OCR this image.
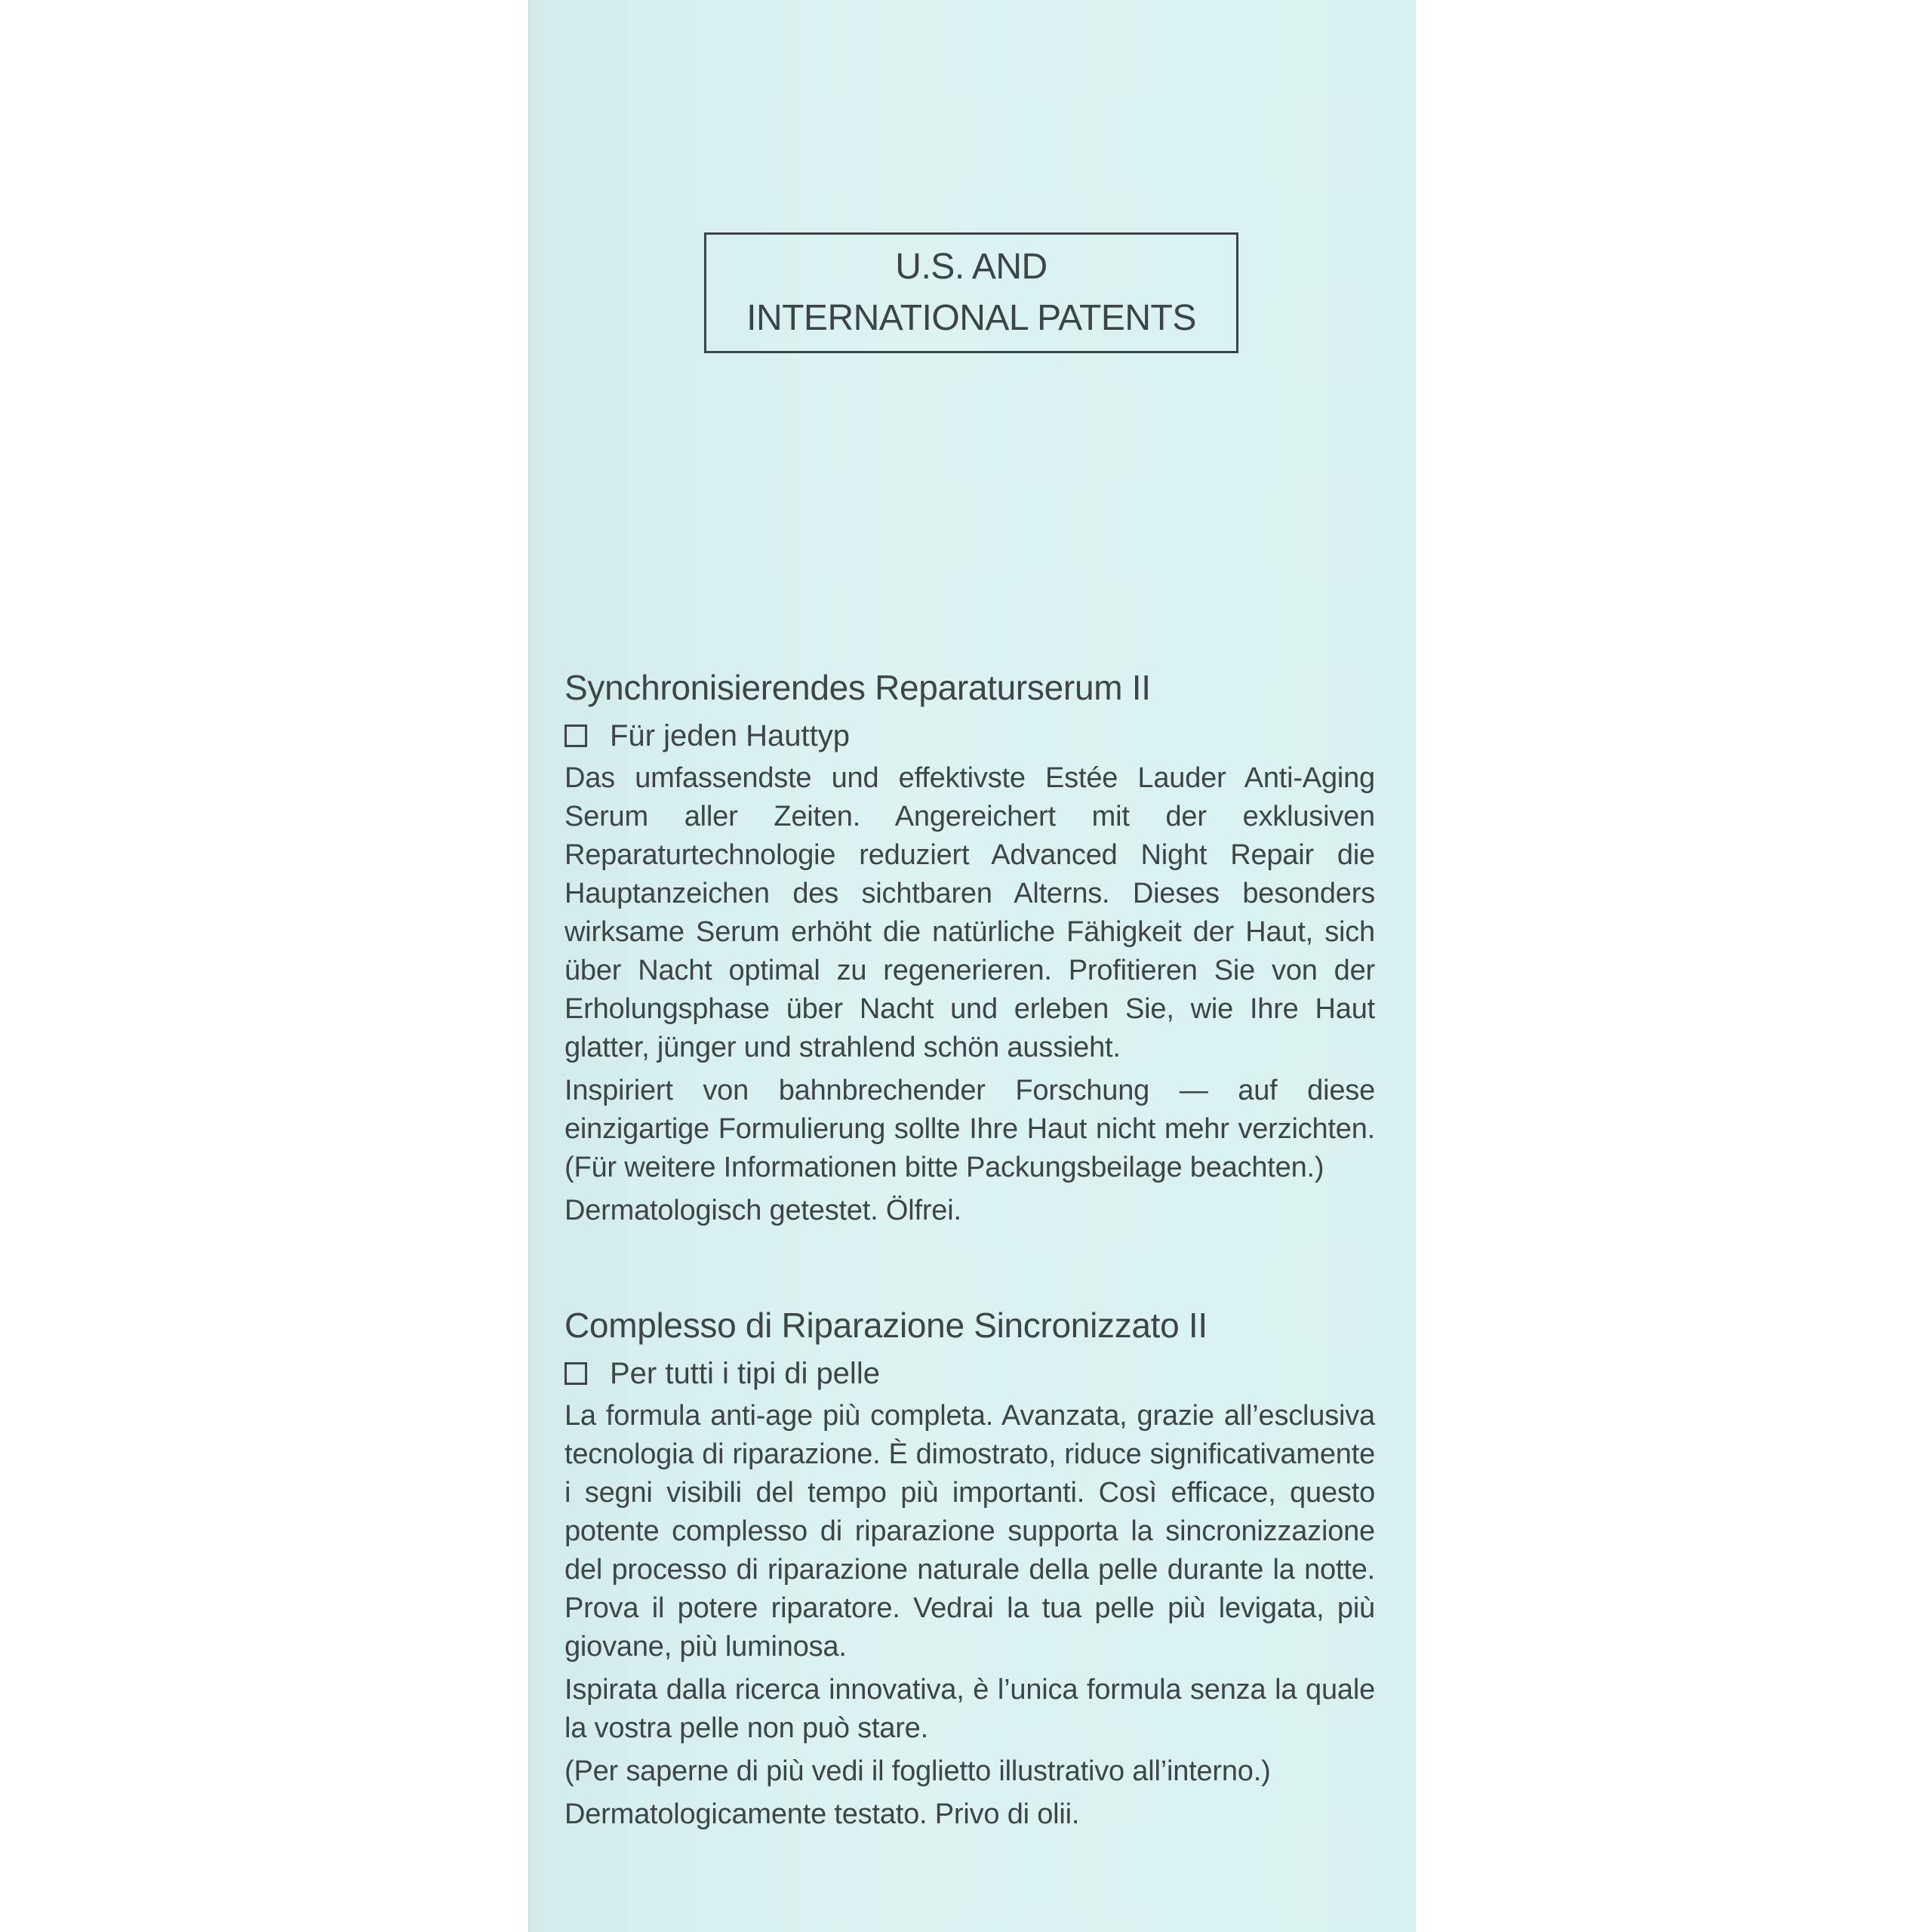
U.S. AND
INTERNATIONAL PATENTS
Synchronisierendes Reparaturserum II
Für jeden Hauttyp

Das umfassendste und effektivste Estée Lauder Anti-Aging Serum aller Zeiten. Angereichert mit der exklusiven Reparaturtechnologie reduziert Advanced Night Repair die Hauptanzeichen des sichtbaren Alterns. Dieses besonders wirksame Serum erhöht die natürliche Fähigkeit der Haut, sich über Nacht optimal zu regenerieren. Profitieren Sie von der Erholungsphase über Nacht und erleben Sie, wie Ihre Haut glatter, jünger und strahlend schön aussieht.

Inspiriert von bahnbrechender Forschung — auf diese einzigartige Formulierung sollte Ihre Haut nicht mehr verzichten. (Für weitere Informationen bitte Packungsbeilage beachten.)

Dermatologisch getestet. Ölfrei.

Complesso di Riparazione Sincronizzato II
Per tutti i tipi di pelle

La formula anti-age più completa. Avanzata, grazie all’esclusiva tecnologia di riparazione. È dimostrato, riduce significativamente i segni visibili del tempo più importanti. Così efficace, questo potente complesso di riparazione supporta la sincronizzazione del processo di riparazione naturale della pelle durante la notte. Prova il potere riparatore. Vedrai la tua pelle più levigata, più giovane, più luminosa.

Ispirata dalla ricerca innovativa, è l’unica formula senza la quale la vostra pelle non può stare.

(Per saperne di più vedi il foglietto illustrativo all’interno.)

Dermatologicamente testato. Privo di olii.
